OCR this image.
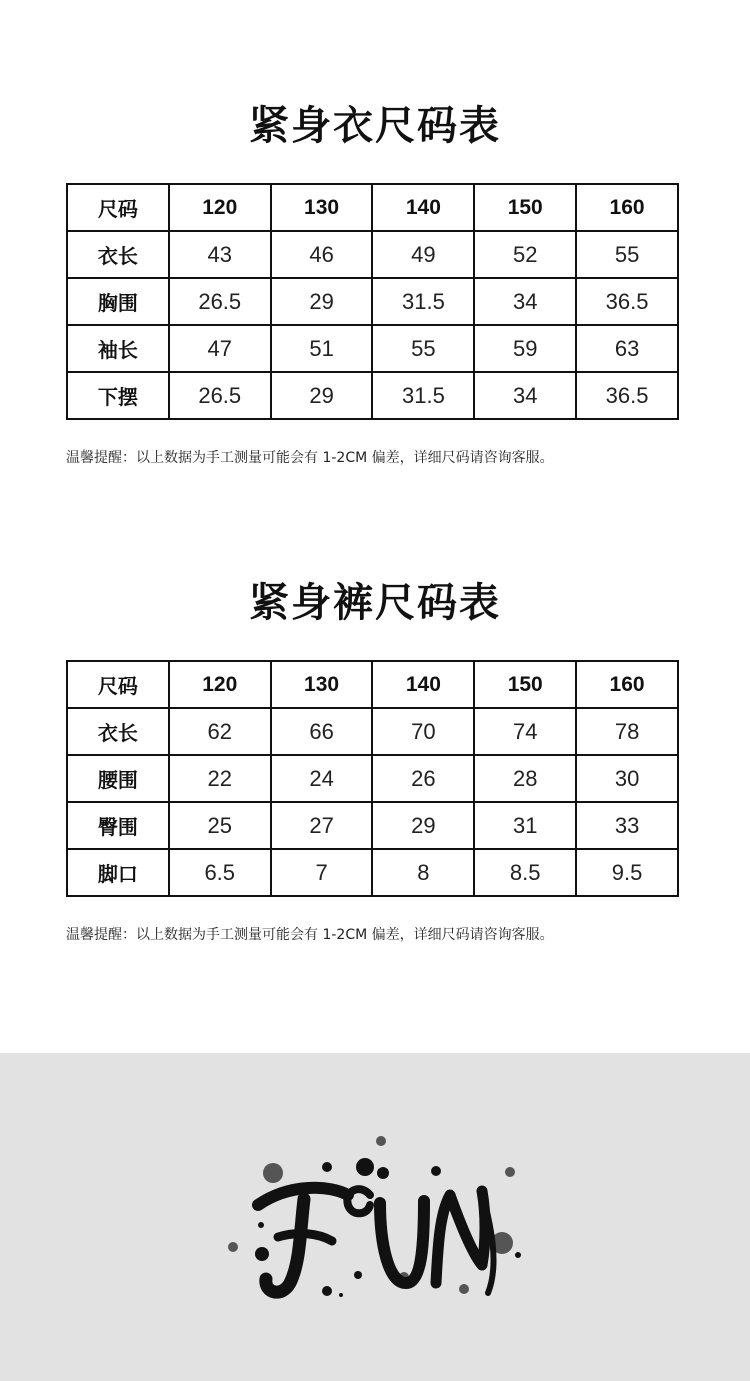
紧身衣尺码表
尺码	120	130	140	150	160
衣长	43	46	49	52	55
胸围	26.5	29	31.5	34	36.5
袖长	47	51	55	59	63
下摆	26.5	29	31.5	34	36.5
温馨提醒：以上数据为手工测量可能会有 1-2CM 偏差，详细尺码请咨询客服。
紧身裤尺码表
尺码	120	130	140	150	160
衣长	62	66	70	74	78
腰围	22	24	26	28	30
臀围	25	27	29	31	33
脚口	6.5	7	8	8.5	9.5
温馨提醒：以上数据为手工测量可能会有 1-2CM 偏差，详细尺码请咨询客服。
